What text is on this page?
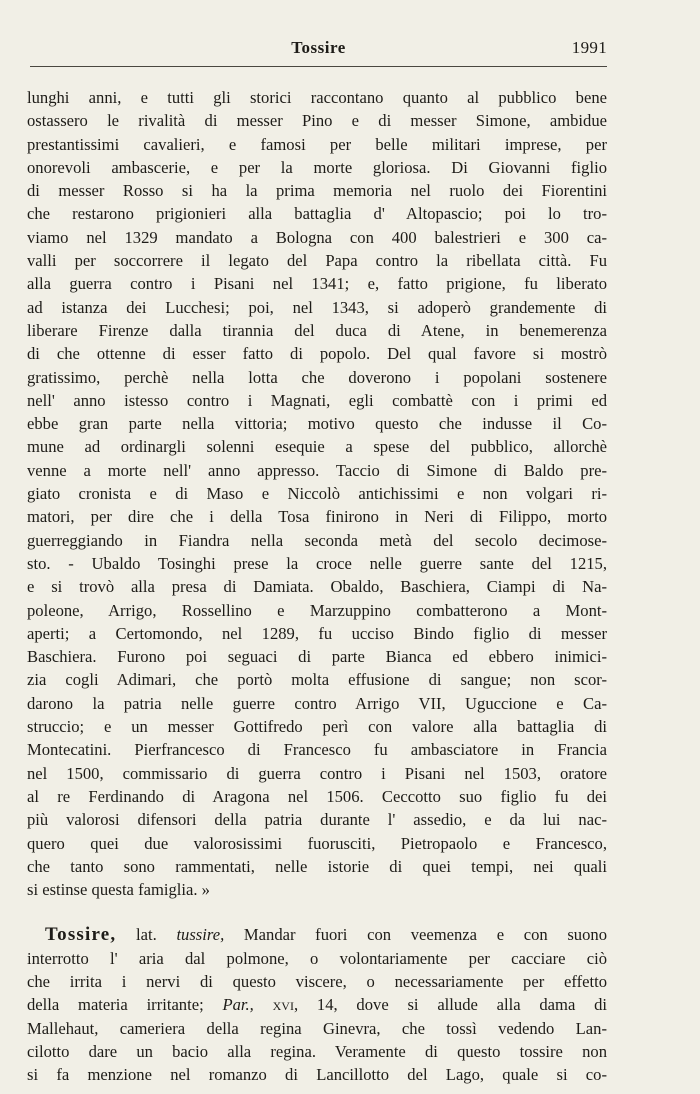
Tossire	1991
lunghi anni, e tutti gli storici raccontano quanto al pubblico bene
ostassero le rivalità di messer Pino e di messer Simone, ambidue
prestantissimi cavalieri, e famosi per belle militari imprese, per
onorevoli ambascerie, e per la morte gloriosa. Di Giovanni figlio
di messer Rosso si ha la prima memoria nel ruolo dei Fiorentini
che restarono prigionieri alla battaglia d' Altopascio; poi lo tro-
viamo nel 1329 mandato a Bologna con 400 balestrieri e 300 ca-
valli per soccorrere il legato del Papa contro la ribellata città. Fu
alla guerra contro i Pisani nel 1341; e, fatto prigione, fu liberato
ad istanza dei Lucchesi; poi, nel 1343, si adoperò grandemente di
liberare Firenze dalla tirannia del duca di Atene, in benemerenza
di che ottenne di esser fatto di popolo. Del qual favore si mostrò
gratissimo, perchè nella lotta che doverono i popolani sostenere
nell' anno istesso contro i Magnati, egli combattè con i primi ed
ebbe gran parte nella vittoria; motivo questo che indusse il Co-
mune ad ordinargli solenni esequie a spese del pubblico, allorchè
venne a morte nell' anno appresso. Taccio di Simone di Baldo pre-
giato cronista e di Maso e Niccolò antichissimi e non volgari ri-
matori, per dire che i della Tosa finirono in Neri di Filippo, morto
guerreggiando in Fiandra nella seconda metà del secolo decimose-
sto. - Ubaldo Tosinghi prese la croce nelle guerre sante del 1215,
e si trovò alla presa di Damiata. Obaldo, Baschiera, Ciampi di Na-
poleone, Arrigo, Rossellino e Marzuppino combatterono a Mont-
aperti; a Certomondo, nel 1289, fu ucciso Bindo figlio di messer
Baschiera. Furono poi seguaci di parte Bianca ed ebbero inimici-
zia cogli Adimari, che portò molta effusione di sangue; non scor-
darono la patria nelle guerre contro Arrigo VII, Uguccione e Ca-
struccio; e un messer Gottifredo perì con valore alla battaglia di
Montecatini. Pierfrancesco di Francesco fu ambasciatore in Francia
nel 1500, commissario di guerra contro i Pisani nel 1503, oratore
al re Ferdinando di Aragona nel 1506. Ceccotto suo figlio fu dei
più valorosi difensori della patria durante l' assedio, e da lui nac-
quero quei due valorosissimi fuorusciti, Pietropaolo e Francesco,
che tanto sono rammentati, nelle istorie di quei tempi, nei quali
si estinse questa famiglia. »
Tossire, lat. tussire, Mandar fuori con veemenza e con suono
interrotto l' aria dal polmone, o volontariamente per cacciare ciò
che irrita i nervi di questo viscere, o necessariamente per effetto
della materia irritante; Par., xvi, 14, dove si allude alla dama di
Mallehaut, cameriera della regina Ginevra, che tossì vedendo Lan-
cilotto dare un bacio alla regina. Veramente di questo tossire non
si fa menzione nel romanzo di Lancillotto del Lago, quale si co-
